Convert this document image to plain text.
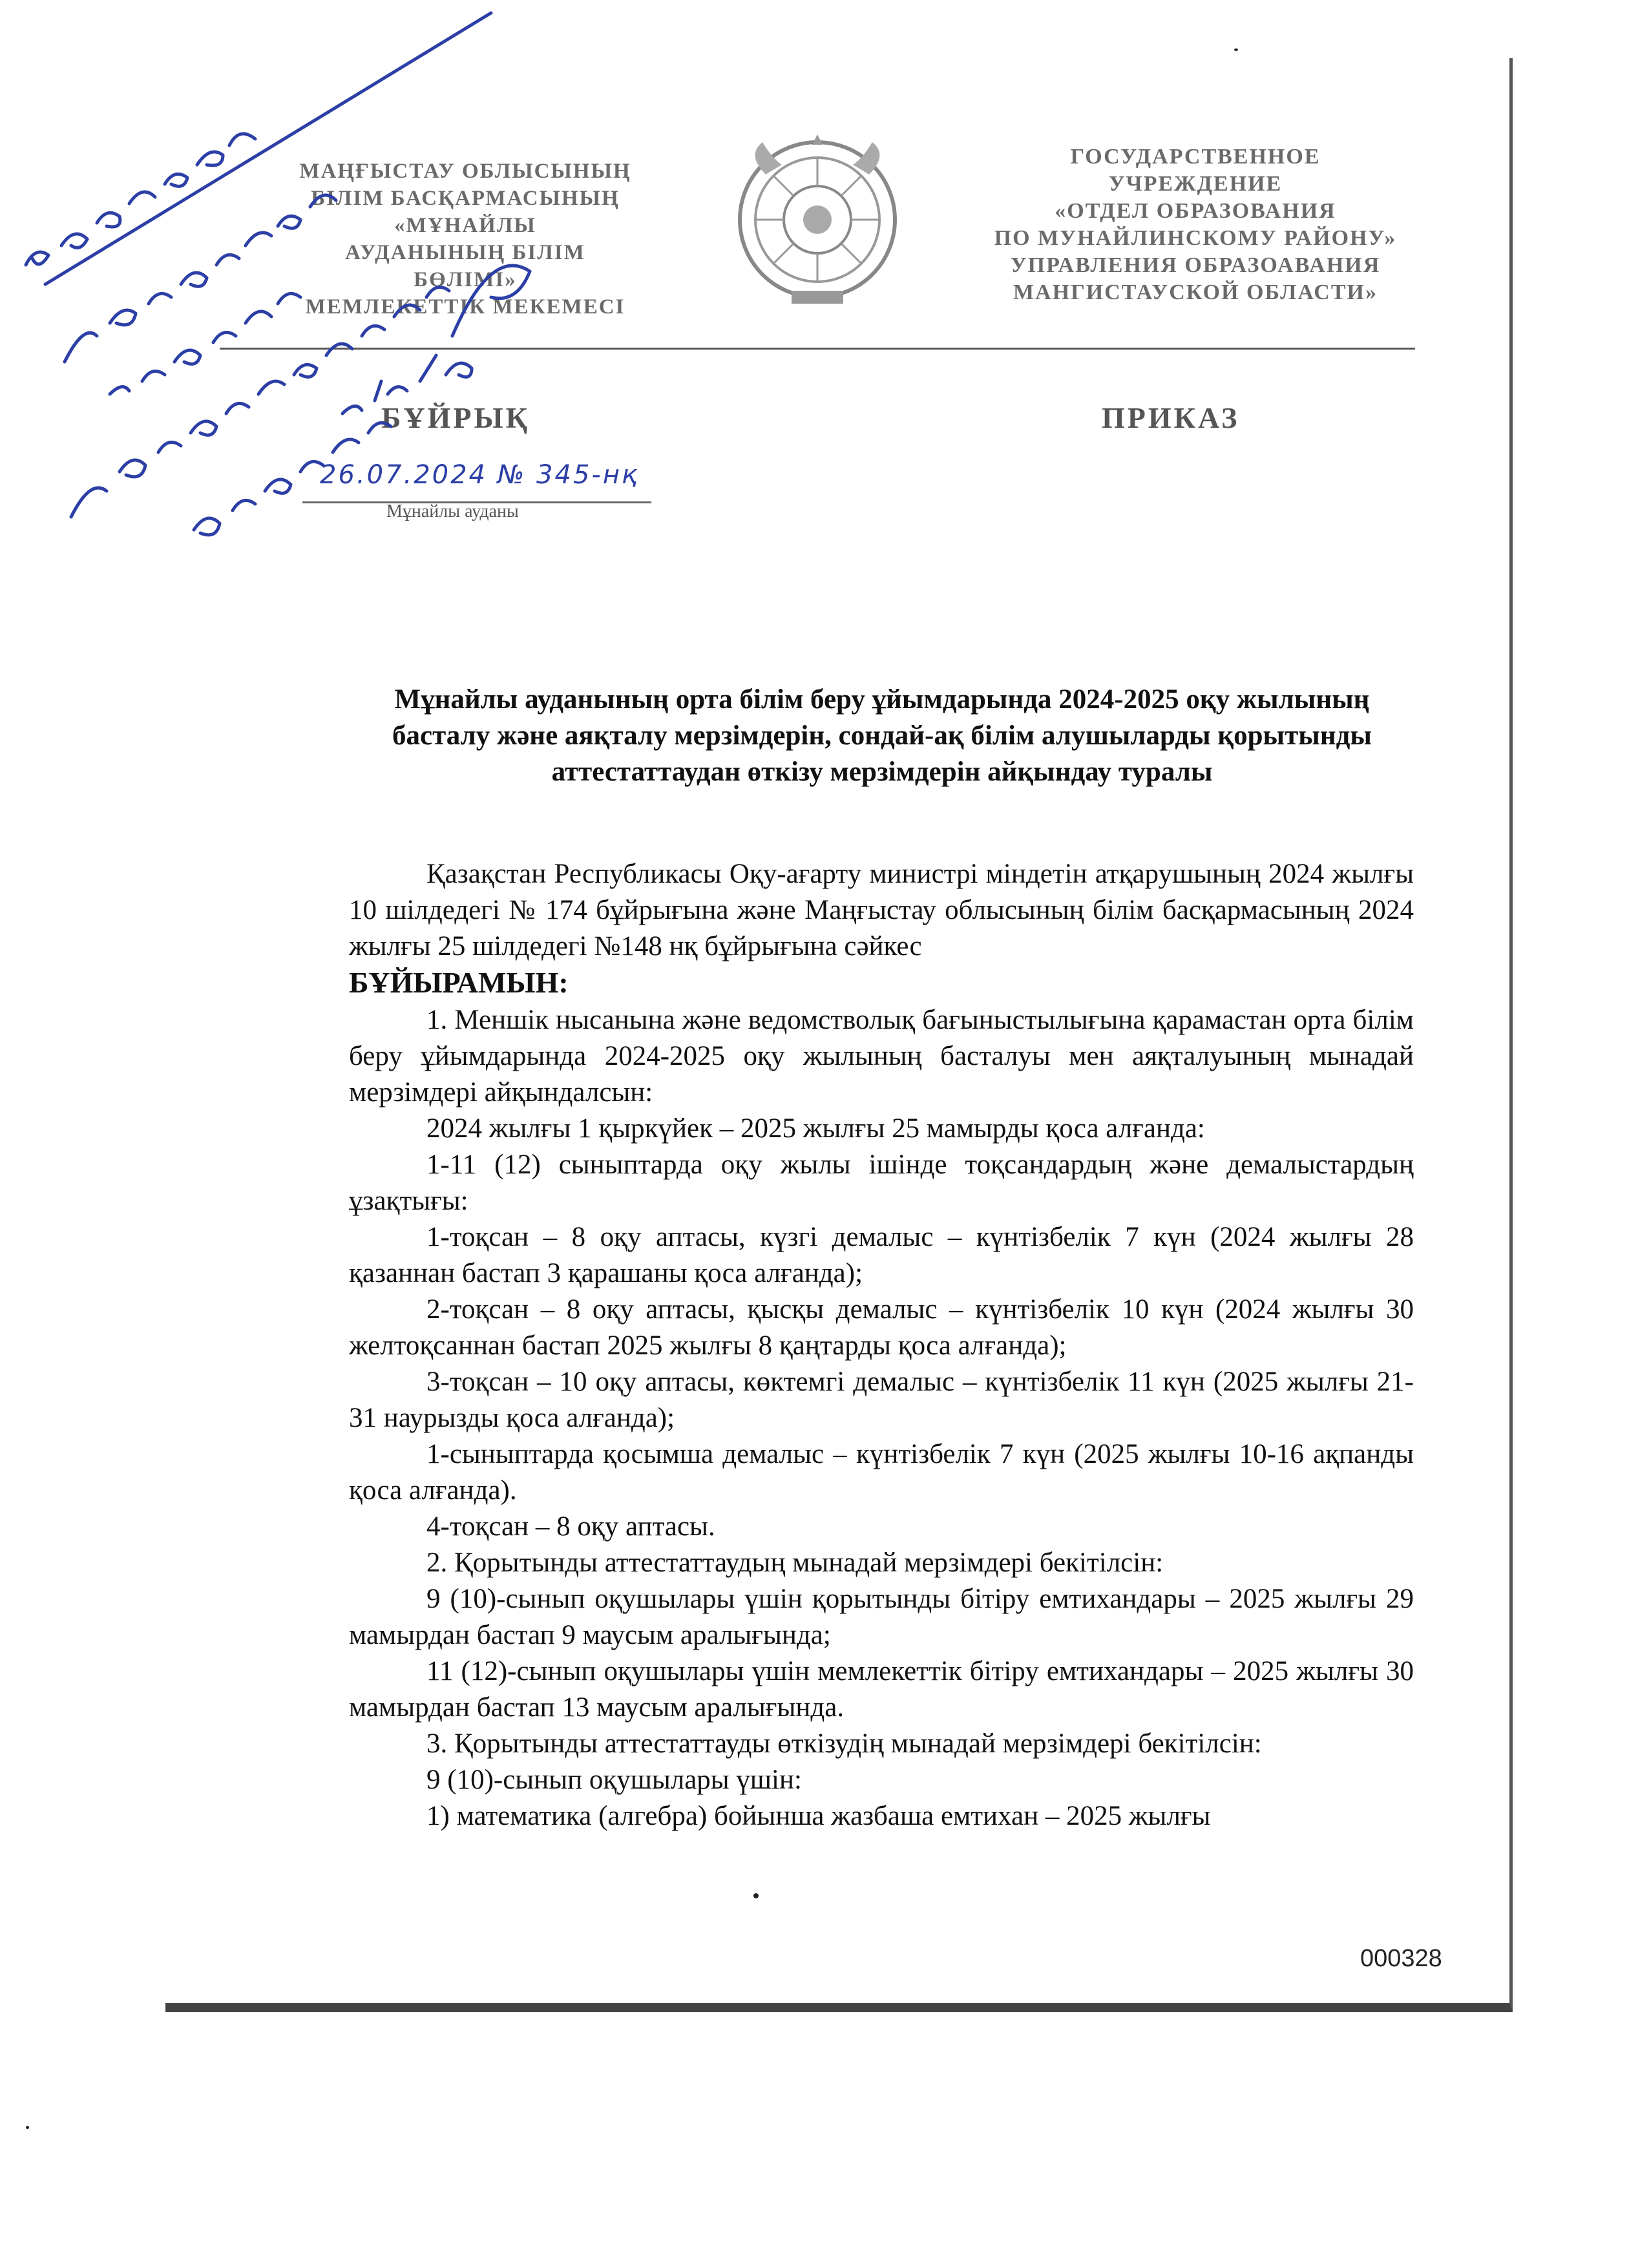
МАҢҒЫСТАУ ОБЛЫСЫНЫҢ
БІЛІМ БАСҚАРМАСЫНЫҢ
«МҰНАЙЛЫ
АУДАНЫНЫҢ БІЛІМ
БӨЛІМІ»
МЕМЛЕКЕТТІК МЕКЕМЕСІ
ГОСУДАРСТВЕННОЕ
УЧРЕЖДЕНИЕ
«ОТДЕЛ ОБРАЗОВАНИЯ
ПО МУНАЙЛИНСКОМУ РАЙОНУ»
УПРАВЛЕНИЯ ОБРАЗОАВАНИЯ
МАНГИСТАУСКОЙ ОБЛАСТИ»
БҰЙРЫҚ	ПРИКАЗ
26.07.2024 № 345-нқ
Мұнайлы ауданы
Мұнайлы ауданының орта білім беру ұйымдарында 2024-2025 оқу жылының басталу және аяқталу мерзімдерін, сондай-ақ білім алушыларды қорытынды аттестаттаудан өткізу мерзімдерін айқындау туралы

Қазақстан Республикасы Оқу-ағарту министрі міндетін атқарушының 2024 жылғы 10 шілдедегі № 174 бұйрығына және Маңғыстау облысының білім басқармасының 2024 жылғы 25 шілдедегі №148 нқ бұйрығына сәйкес

БҰЙЫРАМЫН:

1. Меншік нысанына және ведомстволық бағыныстылығына қарамастан орта білім беру ұйымдарында 2024-2025 оқу жылының басталуы мен аяқталуының мынадай мерзімдері айқындалсын:

2024 жылғы 1 қыркүйек – 2025 жылғы 25 мамырды қоса алғанда:

1-11 (12) сыныптарда оқу жылы ішінде тоқсандардың және демалыстардың ұзақтығы:

1-тоқсан – 8 оқу аптасы, күзгі демалыс – күнтізбелік 7 күн (2024 жылғы 28 қазаннан бастап 3 қарашаны қоса алғанда);

2-тоқсан – 8 оқу аптасы, қысқы демалыс – күнтізбелік 10 күн (2024 жылғы 30 желтоқсаннан бастап 2025 жылғы 8 қаңтарды қоса алғанда);

3-тоқсан – 10 оқу аптасы, көктемгі демалыс – күнтізбелік 11 күн (2025 жылғы 21-31 наурызды қоса алғанда);

1-сыныптарда қосымша демалыс – күнтізбелік 7 күн (2025 жылғы 10-16 ақпанды қоса алғанда).

4-тоқсан – 8 оқу аптасы.

2. Қорытынды аттестаттаудың мынадай мерзімдері бекітілсін:

9 (10)-сынып оқушылары үшін қорытынды бітіру емтихандары – 2025 жылғы 29 мамырдан бастап 9 маусым аралығында;

11 (12)-сынып оқушылары үшін мемлекеттік бітіру емтихандары – 2025 жылғы 30 мамырдан бастап 13 маусым аралығында.

3. Қорытынды аттестаттауды өткізудің мынадай мерзімдері бекітілсін:

9 (10)-сынып оқушылары үшін:

1) математика (алгебра) бойынша жазбаша емтихан – 2025 жылғы

000328
